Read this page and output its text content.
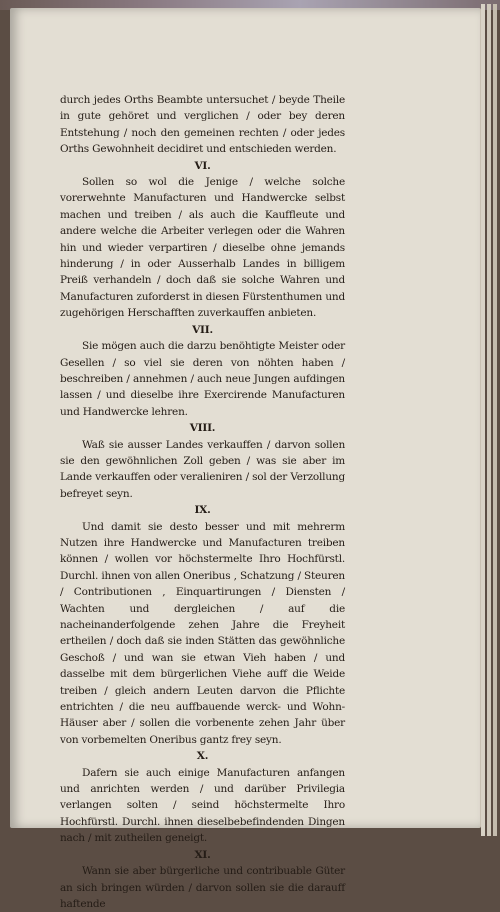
durch jedes Orths Beambte untersuchet / beyde Theile in gute gehöret und verglichen / oder bey deren Entstehung / noch den gemeinen rechten / oder jedes Orths Gewohnheit decidiret und entschieden werden.

VI.

Sollen so wol die Jenige / welche solche vorerwehnte Manufacturen und Handwercke selbst machen und treiben / als auch die Kauffleute und andere welche die Arbeiter verlegen oder die Wahren hin und wieder verpartiren / dieselbe ohne jemands hinderung / in oder Ausserhalb Landes in billigem Preiß verhandeln / doch daß sie solche Wahren und Manufacturen zuforderst in diesen Fürstenthumen und zugehörigen Herschafften zuverkauffen anbieten.

VII.

Sie mögen auch die darzu benöhtigte Meister oder Gesellen / so viel sie deren von nöhten haben / beschreiben / annehmen / auch neue Jungen aufdingen lassen / und dieselbe ihre Exercirende Manufacturen und Handwercke lehren.

VIII.

Waß sie ausser Landes verkauffen / darvon sollen sie den gewöhnlichen Zoll geben / was sie aber im Lande verkauffen oder veralieniren / sol der Verzollung befreyet seyn.

IX.

Und damit sie desto besser und mit mehrerm Nutzen ihre Handwercke und Manufacturen treiben können / wollen vor höchstermelte Ihro Hochfürstl. Durchl. ihnen von allen Oneribus , Schatzung / Steuren / Contributionen , Einquartirungen / Diensten / Wachten und dergleichen / auf die nacheinanderfolgende zehen Jahre die Freyheit ertheilen / doch daß sie inden Stätten das gewöhnliche Geschoß / und wan sie etwan Vieh haben / und dasselbe mit dem bürgerlichen Viehe auff die Weide treiben / gleich andern Leuten darvon die Pflichte entrichten / die neu auffbauende werck- und Wohn- Häuser aber / sollen die vorbenente zehen Jahr über von vorbemelten Oneribus gantz frey seyn.

X.

Dafern sie auch einige Manufacturen anfangen und anrichten werden / und darüber Privilegia verlangen solten / seind höchstermelte Ihro Hochfürstl. Durchl. ihnen dieselbebefindenden Dingen nach / mit zutheilen geneigt.

XI.

Wann sie aber bürgerliche und contribuable Güter an sich bringen würden / darvon sollen sie die darauff haftende
